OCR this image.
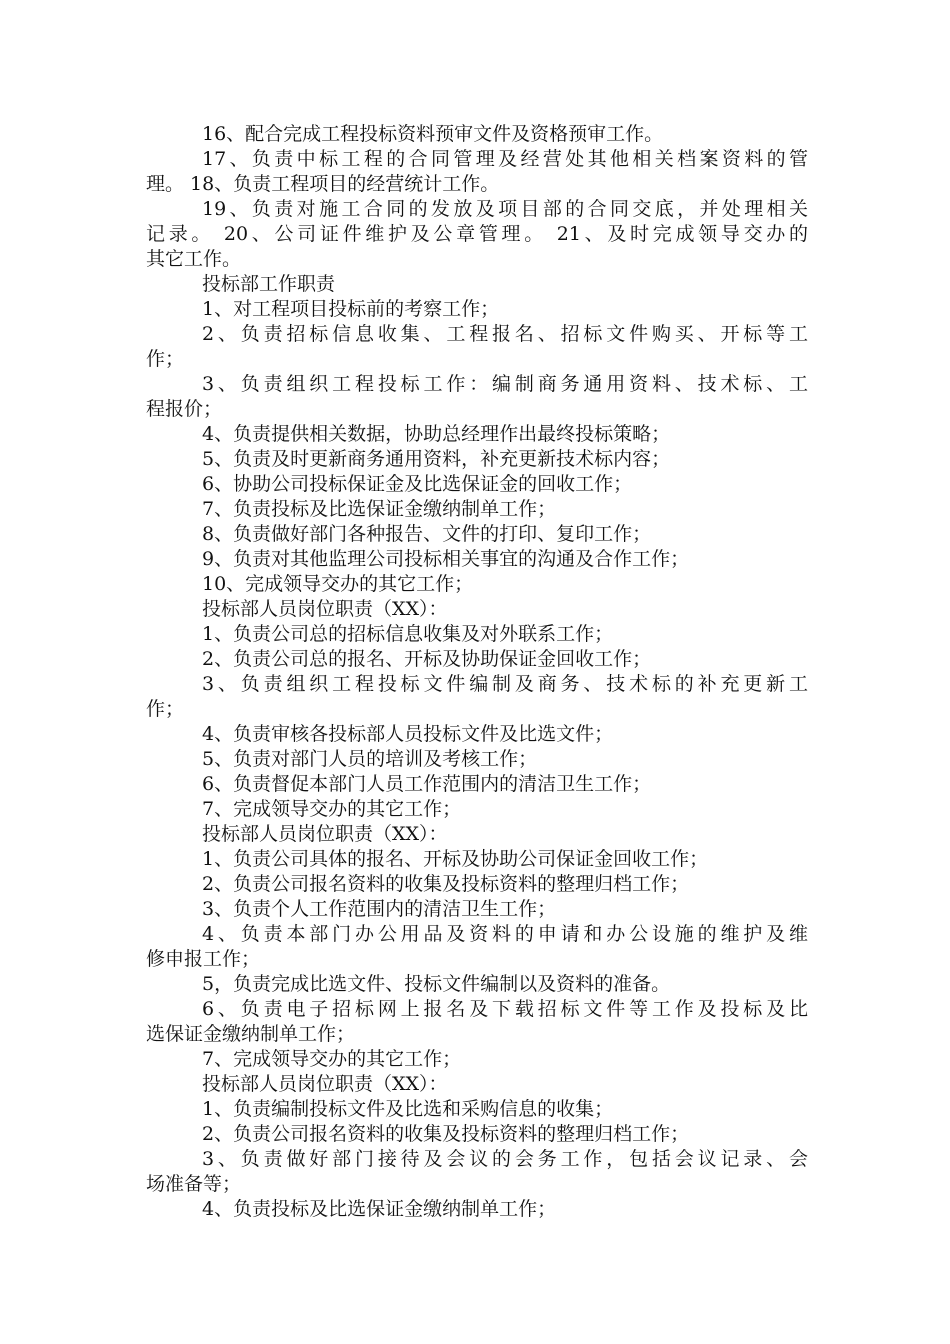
16、配合完成工程投标资料预审文件及资格预审工作。
17、负责中标工程的合同管理及经营处其他相关档案资料的管
理。 18、负责工程项目的经营统计工作。
19、负责对施工合同的发放及项目部的合同交底，并处理相关
记录。 20、公司证件维护及公章管理。 21、及时完成领导交办的
其它工作。
投标部工作职责
1、对工程项目投标前的考察工作；
2、负责招标信息收集、工程报名、招标文件购买、开标等工
作；
3、负责组织工程投标工作：编制商务通用资料、技术标、工
程报价；
4、负责提供相关数据，协助总经理作出最终投标策略；
5、负责及时更新商务通用资料，补充更新技术标内容；
6、协助公司投标保证金及比选保证金的回收工作；
7、负责投标及比选保证金缴纳制单工作；
8、负责做好部门各种报告、文件的打印、复印工作；
9、负责对其他监理公司投标相关事宜的沟通及合作工作；
10、完成领导交办的其它工作；
投标部人员岗位职责（XX）：
1、负责公司总的招标信息收集及对外联系工作；
2、负责公司总的报名、开标及协助保证金回收工作；
3、负责组织工程投标文件编制及商务、技术标的补充更新工
作；
4、负责审核各投标部人员投标文件及比选文件；
5、负责对部门人员的培训及考核工作；
6、负责督促本部门人员工作范围内的清洁卫生工作；
7、完成领导交办的其它工作；
投标部人员岗位职责（XX）：
1、负责公司具体的报名、开标及协助公司保证金回收工作；
2、负责公司报名资料的收集及投标资料的整理归档工作；
3、负责个人工作范围内的清洁卫生工作；
4、负责本部门办公用品及资料的申请和办公设施的维护及维
修申报工作；
5，负责完成比选文件、投标文件编制以及资料的准备。
6、负责电子招标网上报名及下载招标文件等工作及投标及比
选保证金缴纳制单工作；
7、完成领导交办的其它工作；
投标部人员岗位职责（XX）：
1、负责编制投标文件及比选和采购信息的收集；
2、负责公司报名资料的收集及投标资料的整理归档工作；
3、负责做好部门接待及会议的会务工作，包括会议记录、会
场准备等；
4、负责投标及比选保证金缴纳制单工作；
